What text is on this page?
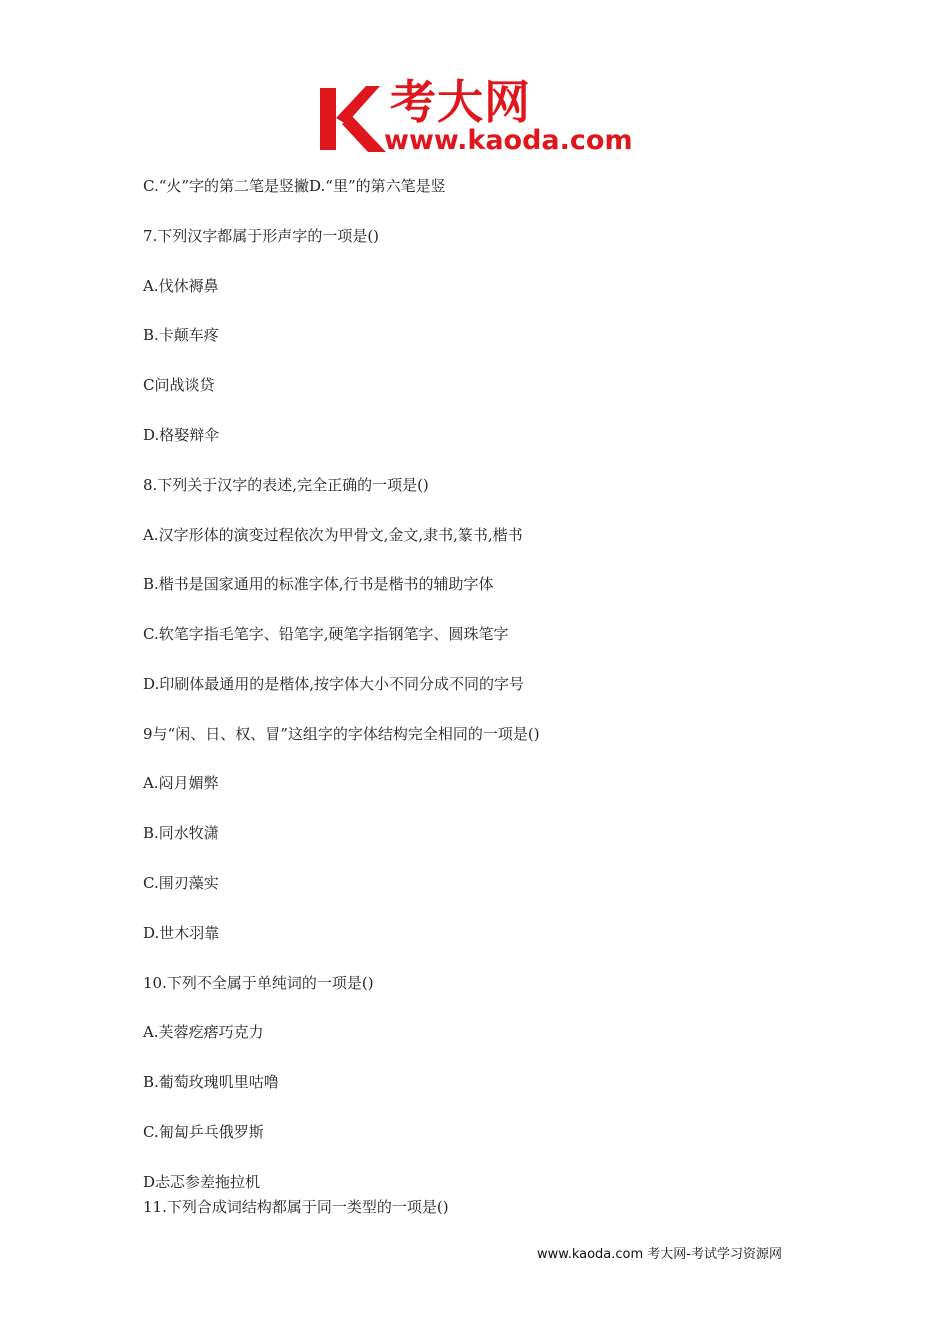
考大网
www.kaoda.com
C.“火”字的第二笔是竖撇D.“里”的第六笔是竖
7.下列汉字都属于形声字的一项是()
A.伐休褥鼻
B.卡颠车疼
C问战谈贷
D.格娶辩伞
8.下列关于汉字的表述,完全正确的一项是()
A.汉字形体的演变过程依次为甲骨文,金文,隶书,篆书,楷书
B.楷书是国家通用的标准字体,行书是楷书的辅助字体
C.软笔字指毛笔字、铅笔字,硬笔字指钢笔字、圆珠笔字
D.印刷体最通用的是楷体,按字体大小不同分成不同的字号
9与“闲、日、权、冒”这组字的字体结构完全相同的一项是()
A.闷月媚弊
B.同水牧潇
C.围刃藻实
D.世木羽靠
10.下列不全属于单纯词的一项是()
A.芙蓉疙瘩巧克力
B.葡萄玫瑰叽里咕噜
C.匍匐乒乓俄罗斯
D忐忑参差拖拉机
11.下列合成词结构都属于同一类型的一项是()
www.kaoda.com 考大网-考试学习资源网
